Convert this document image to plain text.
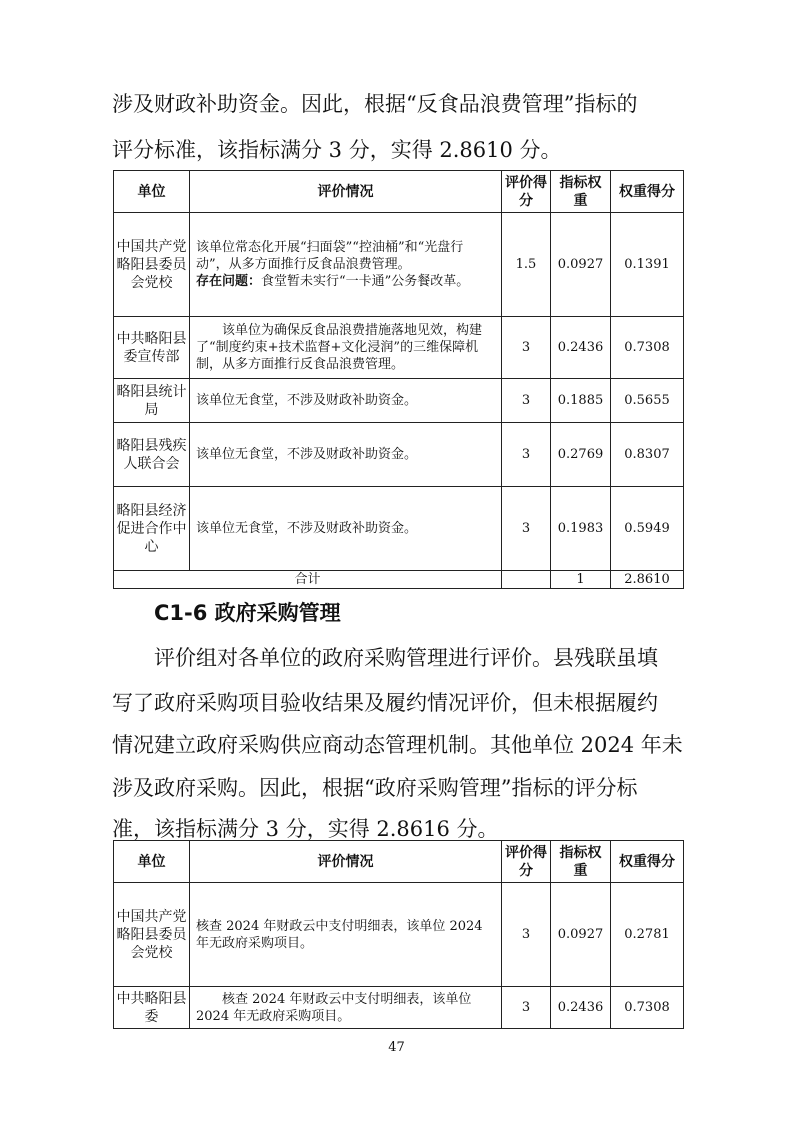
涉及财政补助资金。因此，根据“反食品浪费管理”指标的
评分标准，该指标满分 3 分，实得 2.8610 分。
单位	评价情况	评价得分	指标权重	权重得分
中国共产党略阳县委员会党校	该单位常态化开展“扫面袋”“控油桶”和“光盘行动”，从多方面推行反食品浪费管理。
存在问题：食堂暂未实行“一卡通”公务餐改革。	1.5	0.0927	0.1391
中共略阳县委宣传部	该单位为确保反食品浪费措施落地见效，构建了“制度约束+技术监督+文化浸润”的三维保障机制，从多方面推行反食品浪费管理。	3	0.2436	0.7308
略阳县统计局	该单位无食堂，不涉及财政补助资金。	3	0.1885	0.5655
略阳县残疾人联合会	该单位无食堂，不涉及财政补助资金。	3	0.2769	0.8307
略阳县经济促进合作中心	该单位无食堂，不涉及财政补助资金。	3	0.1983	0.5949
合计			1	2.8610
C1-6 政府采购管理
评价组对各单位的政府采购管理进行评价。县残联虽填
写了政府采购项目验收结果及履约情况评价，但未根据履约
情况建立政府采购供应商动态管理机制。其他单位 2024 年未
涉及政府采购。因此，根据“政府采购管理”指标的评分标
准，该指标满分 3 分，实得 2.8616 分。
单位	评价情况	评价得分	指标权重	权重得分
中国共产党略阳县委员会党校	核查 2024 年财政云中支付明细表，该单位 2024 年无政府采购项目。	3	0.0927	0.2781
中共略阳县委	核查 2024 年财政云中支付明细表，该单位 2024 年无政府采购项目。	3	0.2436	0.7308
47
